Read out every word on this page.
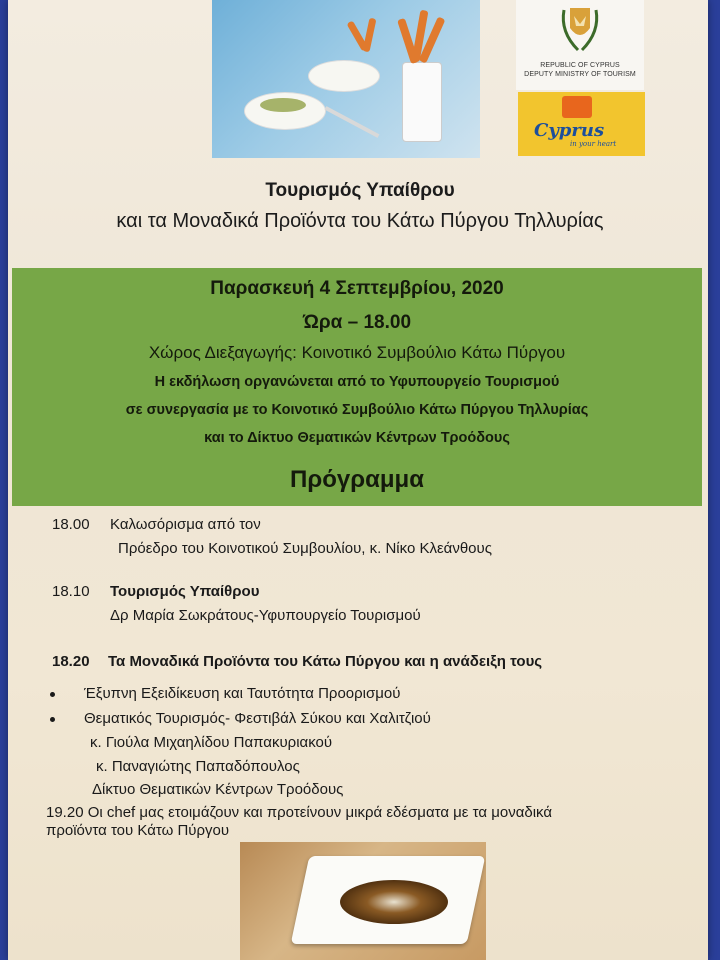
REPUBLIC OF CYPRUS
DEPUTY MINISTRY OF TOURISM
Cyprus
in your heart
Τουρισμός Υπαίθρου
και τα Μοναδικά Προϊόντα του Κάτω Πύργου Τηλλυρίας
Παρασκευή 4 Σεπτεμβρίου, 2020
Ώρα – 18.00
Χώρος Διεξαγωγής: Κοινοτικό Συμβούλιο Κάτω Πύργου
Η εκδήλωση οργανώνεται από το Υφυπουργείο Τουρισμού
σε συνεργασία με το Κοινοτικό Συμβούλιο Κάτω Πύργου Τηλλυρίας
και το Δίκτυο Θεματικών Κέντρων Τροόδους
Πρόγραμμα
18.00 Καλωσόρισμα από τον
Πρόεδρο του Κοινοτικού Συμβουλίου, κ. Νίκο Κλεάνθους
18.10 Τουρισμός Υπαίθρου
Δρ Μαρία Σωκράτους-Υφυπουργείο Τουρισμού
18.20 Τα Μοναδικά Προϊόντα του Κάτω Πύργου και η ανάδειξη τους
Έξυπνη Εξειδίκευση και Ταυτότητα Προορισμού
Θεματικός Τουρισμός- Φεστιβάλ Σύκου και Χαλιτζιού
κ. Γιούλα Μιχαηλίδου Παπακυριακού
κ. Παναγιώτης Παπαδόπουλος
Δίκτυο Θεματικών Κέντρων Τροόδους
19.20 Οι chef μας ετοιμάζουν και προτείνουν μικρά εδέσματα με τα μοναδικά
προϊόντα του Κάτω Πύργου
